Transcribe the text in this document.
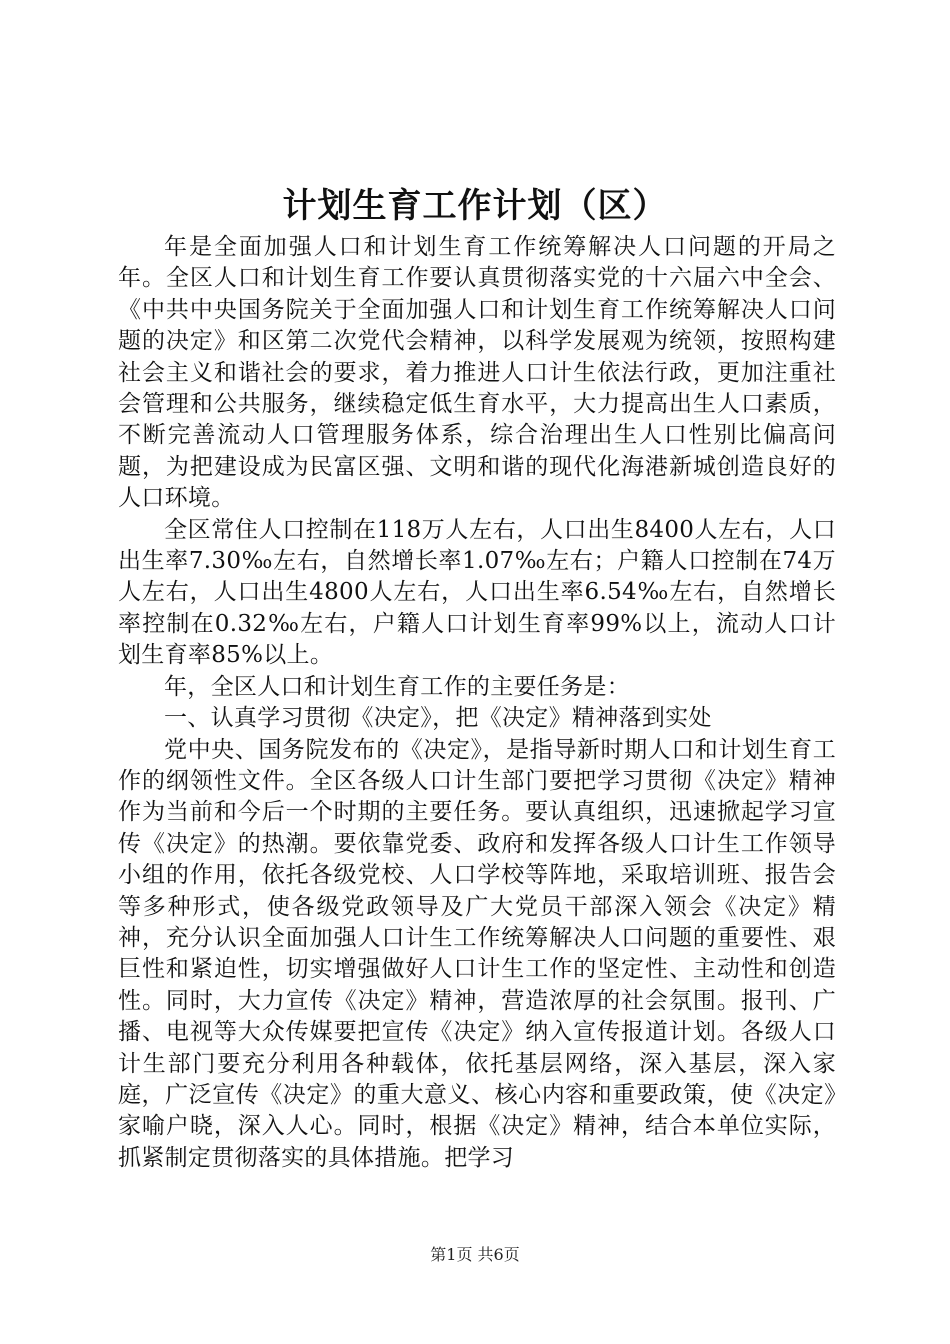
计划生育工作计划（区）

年是全面加强人口和计划生育工作统筹解决人口问题的开局之年。全区人口和计划生育工作要认真贯彻落实党的十六届六中全会、《中共中央国务院关于全面加强人口和计划生育工作统筹解决人口问题的决定》和区第二次党代会精神，以科学发展观为统领，按照构建社会主义和谐社会的要求，着力推进人口计生依法行政，更加注重社会管理和公共服务，继续稳定低生育水平，大力提高出生人口素质，不断完善流动人口管理服务体系，综合治理出生人口性别比偏高问题，为把建设成为民富区强、文明和谐的现代化海港新城创造良好的人口环境。

全区常住人口控制在118万人左右，人口出生8400人左右，人口出生率7.30‰左右，自然增长率1.07‰左右；户籍人口控制在74万人左右，人口出生4800人左右，人口出生率6.54‰左右，自然增长率控制在0.32‰左右，户籍人口计划生育率99%以上，流动人口计划生育率85%以上。

年，全区人口和计划生育工作的主要任务是：

一、认真学习贯彻《决定》，把《决定》精神落到实处

党中央、国务院发布的《决定》，是指导新时期人口和计划生育工作的纲领性文件。全区各级人口计生部门要把学习贯彻《决定》精神作为当前和今后一个时期的主要任务。要认真组织，迅速掀起学习宣传《决定》的热潮。要依靠党委、政府和发挥各级人口计生工作领导小组的作用，依托各级党校、人口学校等阵地，采取培训班、报告会等多种形式，使各级党政领导及广大党员干部深入领会《决定》精神，充分认识全面加强人口计生工作统筹解决人口问题的重要性、艰巨性和紧迫性，切实增强做好人口计生工作的坚定性、主动性和创造性。同时，大力宣传《决定》精神，营造浓厚的社会氛围。报刊、广播、电视等大众传媒要把宣传《决定》纳入宣传报道计划。各级人口计生部门要充分利用各种载体，依托基层网络，深入基层，深入家庭，广泛宣传《决定》的重大意义、核心内容和重要政策，使《决定》家喻户晓，深入人心。同时，根据《决定》精神，结合本单位实际，抓紧制定贯彻落实的具体措施。把学习

第1页 共6页
